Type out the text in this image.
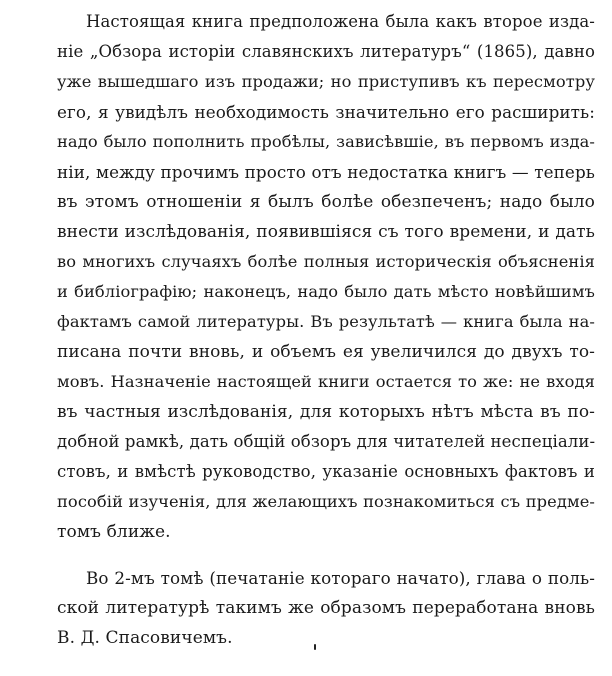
Настоящая книга предположена была какъ второе изда-
ніе „Обзора исторіи славянскихъ литературъ“ (1865), давно
уже вышедшаго изъ продажи; но приступивъ къ пересмотру
его, я увидѣлъ необходимость значительно его расширить:
надо было пополнить пробѣлы, зависѣвшіе, въ первомъ изда-
ніи, между прочимъ просто отъ недостатка книгъ — теперь
въ этомъ отношеніи я былъ болѣе обезпеченъ; надо было
внести изслѣдованія, появившіяся съ того времени, и дать
во многихъ случаяхъ болѣе полныя историческія объясненія
и библіографію; наконецъ, надо было дать мѣсто новѣйшимъ
фактамъ самой литературы. Въ результатѣ — книга была на-
писана почти вновь, и объемъ ея увеличился до двухъ то-
мовъ. Назначеніе настоящей книги остается то же: не входя
въ частныя изслѣдованія, для которыхъ нѣтъ мѣста въ по-
добной рамкѣ, дать общій обзоръ для читателей неспеціали-
стовъ, и вмѣстѣ руководство, указаніе основныхъ фактовъ и
пособій изученія, для желающихъ познакомиться съ предме-
томъ ближе.
Во 2-мъ томѣ (печатаніе котораго начато), глава о поль-
ской литературѣ такимъ же образомъ переработана вновь
В. Д. Спасовичемъ.
